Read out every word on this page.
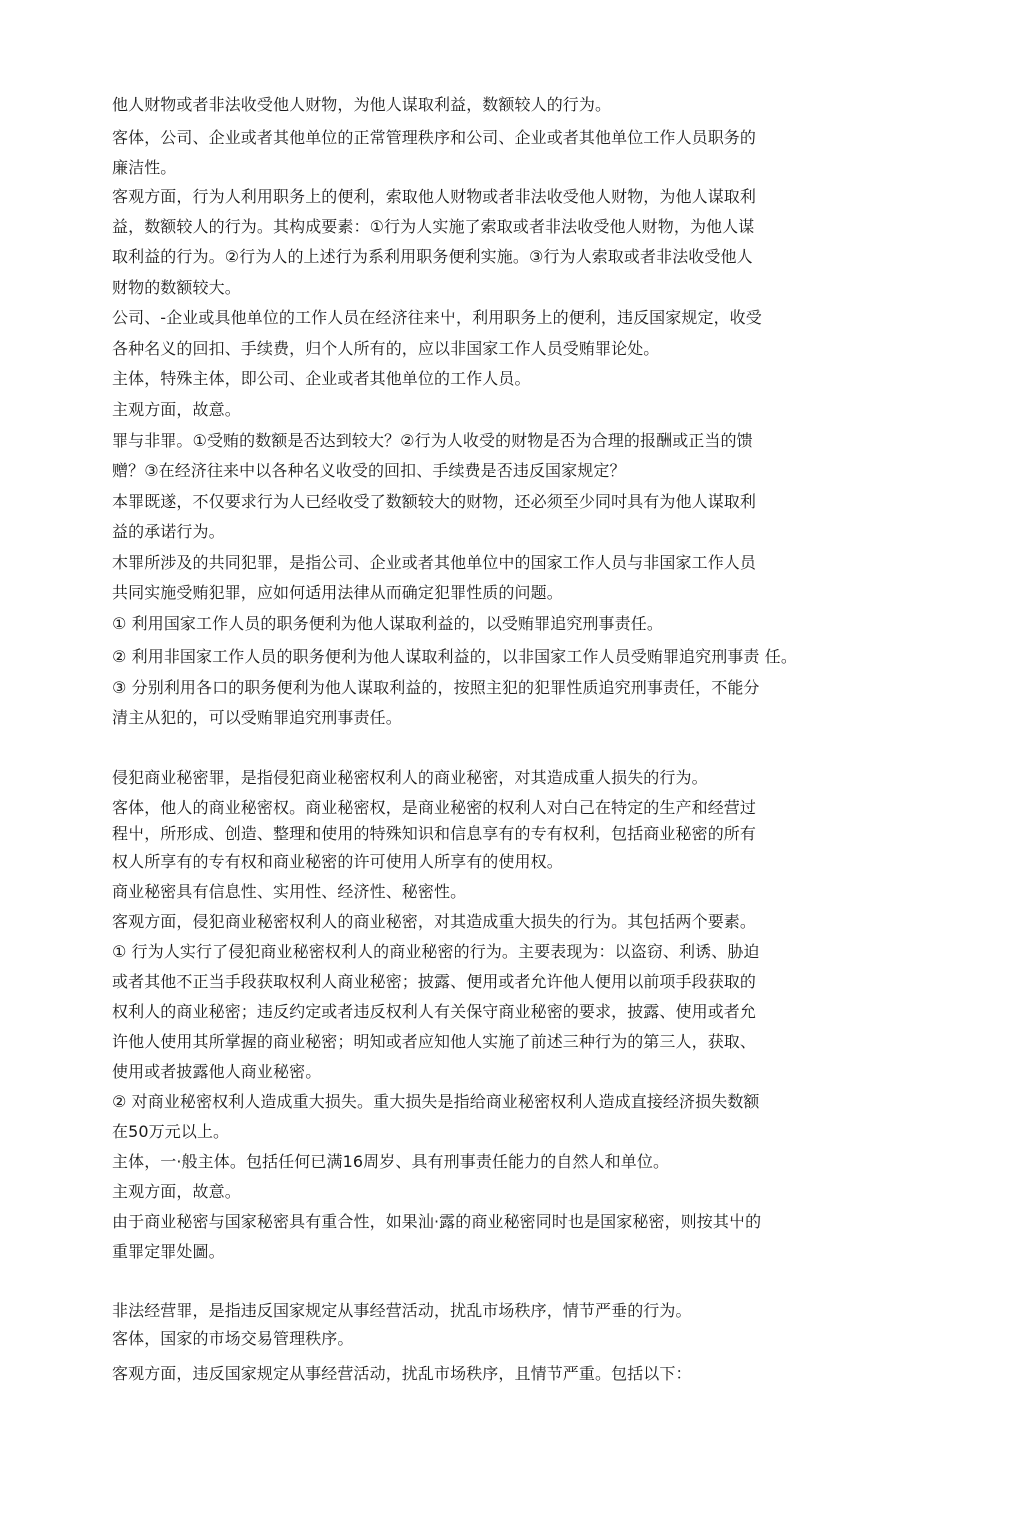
他人财物或者非法收受他人财物，为他人谋取利益，数额较人的行为。

客体，公司、企业或者其他单位的正常管理秩序和公司、企业或者其他单位工作人员职务的

廉洁性。

客观方面，行为人利用职务上的便利，索取他人财物或者非法收受他人财物，为他人谋取利

益，数额较人的行为。其构成要素：①行为人实施了索取或者非法收受他人财物，为他人谋

取利益的行为。②行为人的上述行为系利用职务便利实施。③行为人索取或者非法收受他人

财物的数额较大。

公司、-企业或具他单位的工作人员在经济往来屮，利用职务上的便利，违反国家规定，收受

各种名义的回扣、手续费，归个人所有的，应以非国家工作人员受贿罪论处。

主体，特殊主体，即公司、企业或者其他单位的工作人员。

主观方面，故意。

罪与非罪。①受贿的数额是否达到较大？②行为人收受的财物是否为合理的报酬或正当的馈

赠？③在经济往来中以各种名义收受的回扣、手续费是否违反国家规定？

本罪既遂，不仅要求行为人已经收受了数额较大的财物，还必须至少同吋具有为他人谋取利

益的承诺行为。

木罪所涉及的共同犯罪，是指公司、企业或者其他单位中的国家工作人员与非国家工作人员

共同实施受贿犯罪，应如何适用法律从而确定犯罪性质的问题。

① 利用国家工作人员的职务便利为他人谋取利益的，以受贿罪追究刑事责任。

② 利用非国家工作人员的职务便利为他人谋取利益的，以非国家工作人员受贿罪追究刑事责 任。

③ 分别利用各口的职务便利为他人谋取利益的，按照主犯的犯罪性质追究刑事责任，不能分

清主从犯的，可以受贿罪追究刑事责任。

侵犯商业秘密罪，是指侵犯商业秘密权利人的商业秘密，对其造成重人损失的行为。

客体，他人的商业秘密权。商业秘密权，是商业秘密的权利人对白己在特定的生产和经营过

程屮，所形成、创造、整理和使用的特殊知识和信息享有的专有权利，包括商业秘密的所有

权人所享有的专有权和商业秘密的许可使用人所享有的使用权。

商业秘密具有信息性、实用性、经济性、秘密性。

客观方面，侵犯商业秘密权利人的商业秘密，对其造成重大损失的行为。其包括两个要素。

① 行为人实行了侵犯商业秘密权利人的商业秘密的行为。主要表现为：以盗窃、利诱、胁迫

或者其他不正当手段获取权利人商业秘密；披露、便用或者允许他人便用以前项手段获取的

权利人的商业秘密；违反约定或者违反权利人有关保守商业秘密的要求，披露、使用或者允

许他人使用其所掌握的商业秘密；明知或者应知他人实施了前述三种行为的第三人，获取、

使用或者披露他人商业秘密。

② 对商业秘密权利人造成重大损失。重大损失是指给商业秘密权利人造成直接经济损失数额

在50万元以上。

主体，一·般主体。包括任何已满16周岁、具有刑事责任能力的自然人和单位。

主观方面，故意。

由于商业秘密与国家秘密具有重合性，如果汕·露的商业秘密同时也是国家秘密，则按其屮的

重罪定罪处圖。

非法经营罪，是指违反国家规定从事经营活动，扰乱市场秩序，情节严垂的行为。

客体，国家的市场交易管理秩序。

客观方面，违反国家规定从事经营活动，扰乱市场秩序，且情节严重。包括以下：
